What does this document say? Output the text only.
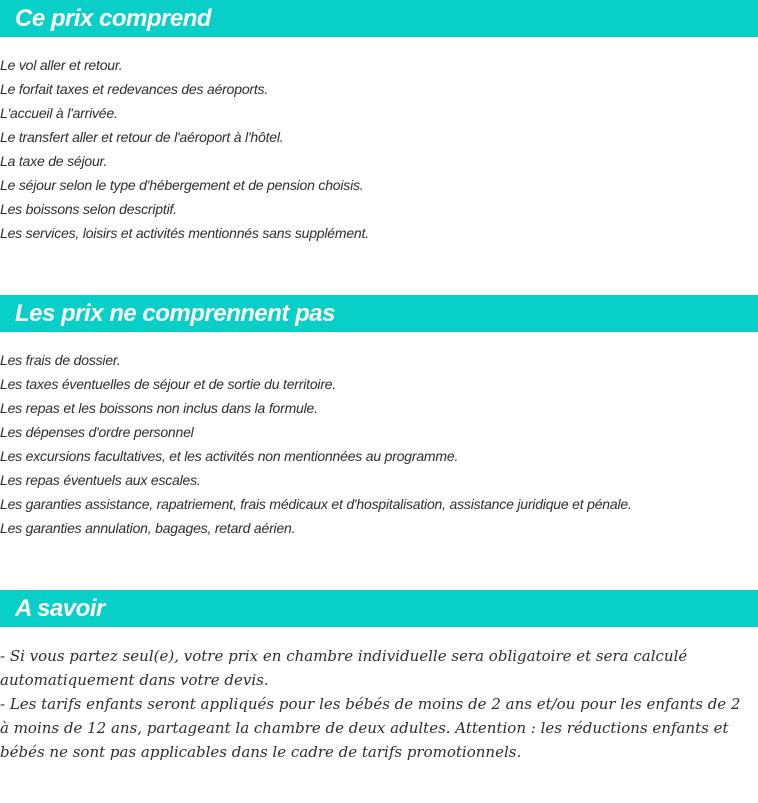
Ce prix comprend
Le vol aller et retour.
Le forfait taxes et redevances des aéroports.
L'accueil à l'arrivée.
Le transfert aller et retour de l'aéroport à l'hôtel.
La taxe de séjour.
Le séjour selon le type d'hébergement et de pension choisis.
Les boissons selon descriptif.
Les services, loisirs et activités mentionnés sans supplément.
Les prix ne comprennent pas
Les frais de dossier.
Les taxes éventuelles de séjour et de sortie du territoire.
Les repas et les boissons non inclus dans la formule.
Les dépenses d'ordre personnel
Les excursions facultatives, et les activités non mentionnées au programme.
Les repas éventuels aux escales.
Les garanties assistance, rapatriement, frais médicaux et d'hospitalisation, assistance juridique et pénale.
Les garanties annulation, bagages, retard aérien.
A savoir

- Si vous partez seul(e), votre prix en chambre individuelle sera obligatoire et sera calculé automatiquement dans votre devis.

- Les tarifs enfants seront appliqués pour les bébés de moins de 2 ans et/ou pour les enfants de 2 à moins de 12 ans, partageant la chambre de deux adultes. Attention : les réductions enfants et bébés ne sont pas applicables dans le cadre de tarifs promotionnels.
